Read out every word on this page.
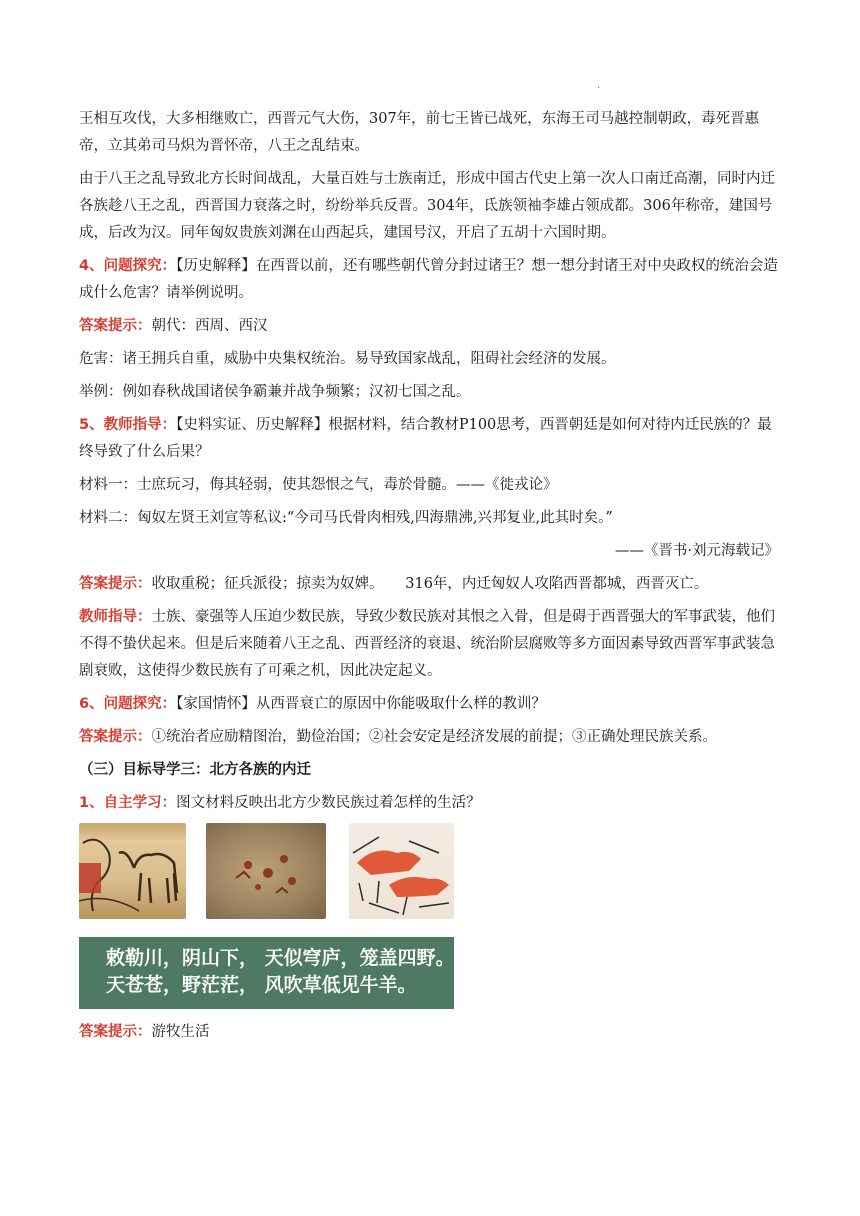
.

王相互攻伐，大多相继败亡，西晋元气大伤，307年，前七王皆已战死，东海王司马越控制朝政，毒死晋惠帝，立其弟司马炽为晋怀帝，八王之乱结束。

由于八王之乱导致北方长时间战乱，大量百姓与士族南迁，形成中国古代史上第一次人口南迁高潮，同时内迁各族趁八王之乱，西晋国力衰落之时，纷纷举兵反晋。304年，氐族领袖李雄占领成都。306年称帝，建国号成，后改为汉。同年匈奴贵族刘渊在山西起兵，建国号汉，开启了五胡十六国时期。

4、问题探究：【历史解释】在西晋以前，还有哪些朝代曾分封过诸王？想一想分封诸王对中央政权的统治会造成什么危害？请举例说明。

答案提示：朝代：西周、西汉

危害：诸王拥兵自重，威胁中央集权统治。易导致国家战乱，阻碍社会经济的发展。

举例：例如春秋战国诸侯争霸兼并战争频繁；汉初七国之乱。

5、教师指导：【史料实证、历史解释】根据材料，结合教材P100思考，西晋朝廷是如何对待内迁民族的？最终导致了什么后果？

材料一：士庶玩习，侮其轻弱，使其怨恨之气，毒於骨髓。——《徙戎论》

材料二：匈奴左贤王刘宣等私议:“今司马氏骨肉相残,四海鼎沸,兴邦复业,此其时矣。”

——《晋书·刘元海载记》

答案提示：收取重税；征兵派役；掠卖为奴婢。　　316年，内迁匈奴人攻陷西晋都城，西晋灭亡。

教师指导：士族、豪强等人压迫少数民族，导致少数民族对其恨之入骨，但是碍于西晋强大的军事武装，他们不得不蛰伏起来。但是后来随着八王之乱、西晋经济的衰退、统治阶层腐败等多方面因素导致西晋军事武装急剧衰败，这使得少数民族有了可乘之机，因此决定起义。

6、问题探究：【家国情怀】从西晋衰亡的原因中你能吸取什么样的教训？

答案提示：①统治者应励精图治，勤俭治国；②社会安定是经济发展的前提；③正确处理民族关系。

（三）目标导学三：北方各族的内迁

1、自主学习：图文材料反映出北方少数民族过着怎样的生活？

敕勒川，阴山下， 天似穹庐，笼盖四野。
天苍苍，野茫茫， 风吹草低见牛羊。

答案提示：游牧生活
